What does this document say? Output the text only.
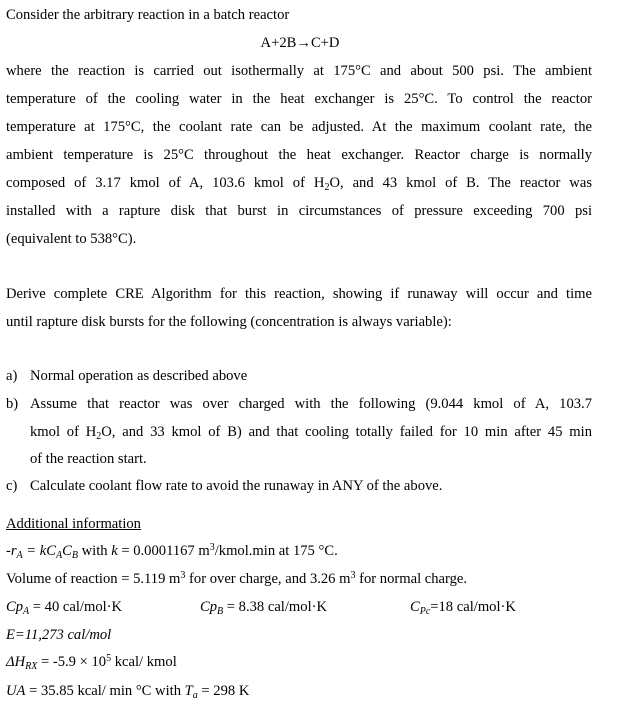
Consider the arbitrary reaction in a batch reactor
A+2B→C+D
where the reaction is carried out isothermally at 175°C and about 500 psi. The ambient
temperature of the cooling water in the heat exchanger is 25°C. To control the reactor
temperature at 175°C, the coolant rate can be adjusted. At the maximum coolant rate, the
ambient temperature is 25°C throughout the heat exchanger. Reactor charge is normally
composed of 3.17 kmol of A, 103.6 kmol of $H_2O$, and 43 kmol of B. The reactor was
installed with a rapture disk that burst in circumstances of pressure exceeding 700 psi
(equivalent to 538°C).
Derive complete CRE Algorithm for this reaction, showing if runaway will occur and time
until rapture disk bursts for the following (concentration is always variable):
a) Normal operation as described above
b) Assume that reactor was over charged with the following (9.044 kmol of A, 103.7
kmol of $H_2O$, and 33 kmol of B) and that cooling totally failed for 10 min after 45 min
of the reaction start.
c) Calculate coolant flow rate to avoid the runaway in ANY of the above.
Additional information
$-r_A = kC_AC_B$ with k = 0.0001167 $m^3/kmol.\min$ at 175 °C.
Volume of reaction = 5.119 $m^3$ for over charge, and 3.26 $m^3$ for normal charge.
$Cp_A = 40$ cal/mol·K	$Cp_B = 8.38$ cal/mol·K	$C_{Pc}=18$ cal/mol·K
E=11,273 cal/mol
$\Delta H_{RX} = -5.9 \times 10^5$ kcal/ kmol
UA = 35.85 kcal/ min °C with $T_a = 298$ K
